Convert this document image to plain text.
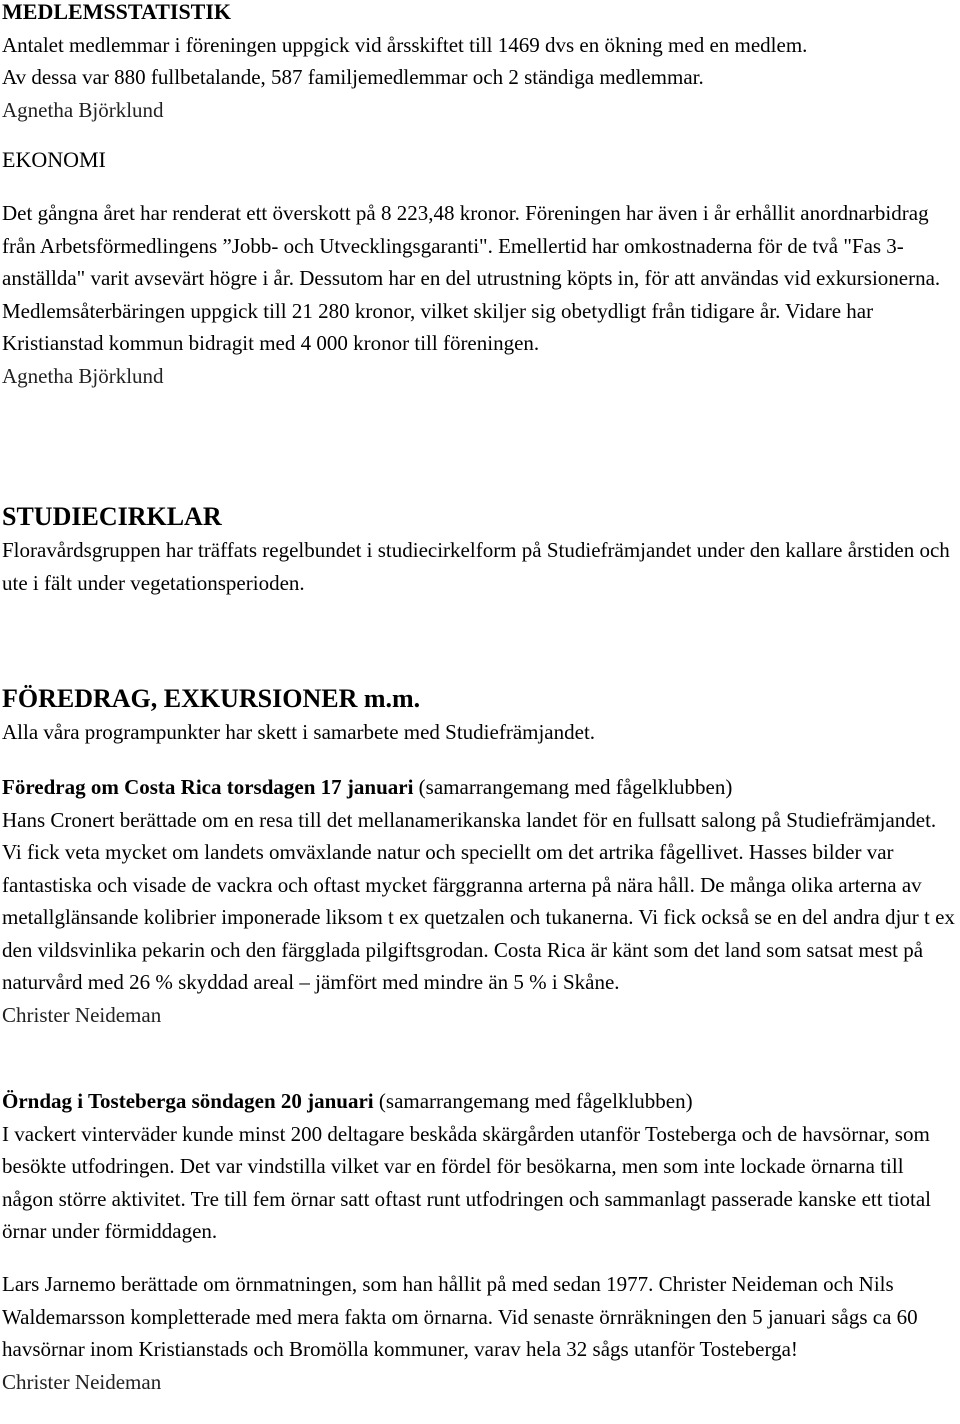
MEDLEMSSTATISTIK

Antalet medlemmar i föreningen uppgick vid årsskiftet till 1469 dvs en ökning med en medlem.

Av dessa var 880 fullbetalande, 587 familjemedlemmar och 2 ständiga medlemmar.

Agnetha Björklund

EKONOMI

Det gångna året har renderat ett överskott på 8 223,48 kronor. Föreningen har även i år erhållit anordnarbidrag från Arbetsförmedlingens ”Jobb- och Utvecklingsgaranti". Emellertid har omkostnaderna för de två "Fas 3-anställda" varit avsevärt högre i år. Dessutom har en del utrustning köpts in, för att användas vid exkursionerna. Medlemsåterbäringen uppgick till 21 280 kronor, vilket skiljer sig obetydligt från tidigare år. Vidare har Kristianstad kommun bidragit med 4 000 kronor till föreningen.

Agnetha Björklund

STUDIECIRKLAR

Floravårdsgruppen har träffats regelbundet i studiecirkelform på Studiefrämjandet under den kallare årstiden och ute i fält under vegetationsperioden.

FÖREDRAG, EXKURSIONER m.m.

Alla våra programpunkter har skett i samarbete med Studiefrämjandet.

Föredrag om Costa Rica torsdagen 17 januari (samarrangemang med fågelklubben)

Hans Cronert berättade om en resa till det mellanamerikanska landet för en fullsatt salong på Studiefrämjandet. Vi fick veta mycket om landets omväxlande natur och speciellt om det artrika fågellivet. Hasses bilder var fantastiska och visade de vackra och oftast mycket färggranna arterna på nära håll. De många olika arterna av metallglänsande kolibrier imponerade liksom t ex quetzalen och tukanerna. Vi fick också se en del andra djur t ex den vildsvinlika pekarin och den färgglada pilgiftsgrodan. Costa Rica är känt som det land som satsat mest på naturvård med 26 % skyddad areal – jämfört med mindre än 5 % i Skåne.

Christer Neideman

Örndag i Tosteberga söndagen 20 januari (samarrangemang med fågelklubben)

I vackert vinterväder kunde minst 200 deltagare beskåda skärgården utanför Tosteberga och de havsörnar, som besökte utfodringen. Det var vindstilla vilket var en fördel för besökarna, men som inte lockade örnarna till någon större aktivitet. Tre till fem örnar satt oftast runt utfodringen och sammanlagt passerade kanske ett tiotal örnar under förmiddagen.

Lars Jarnemo berättade om örnmatningen, som han hållit på med sedan 1977. Christer Neideman och Nils Waldemarsson kompletterade med mera fakta om örnarna. Vid senaste örnräkningen den 5 januari sågs ca 60 havsörnar inom Kristianstads och Bromölla kommuner, varav hela 32 sågs utanför Tosteberga!

Christer Neideman
